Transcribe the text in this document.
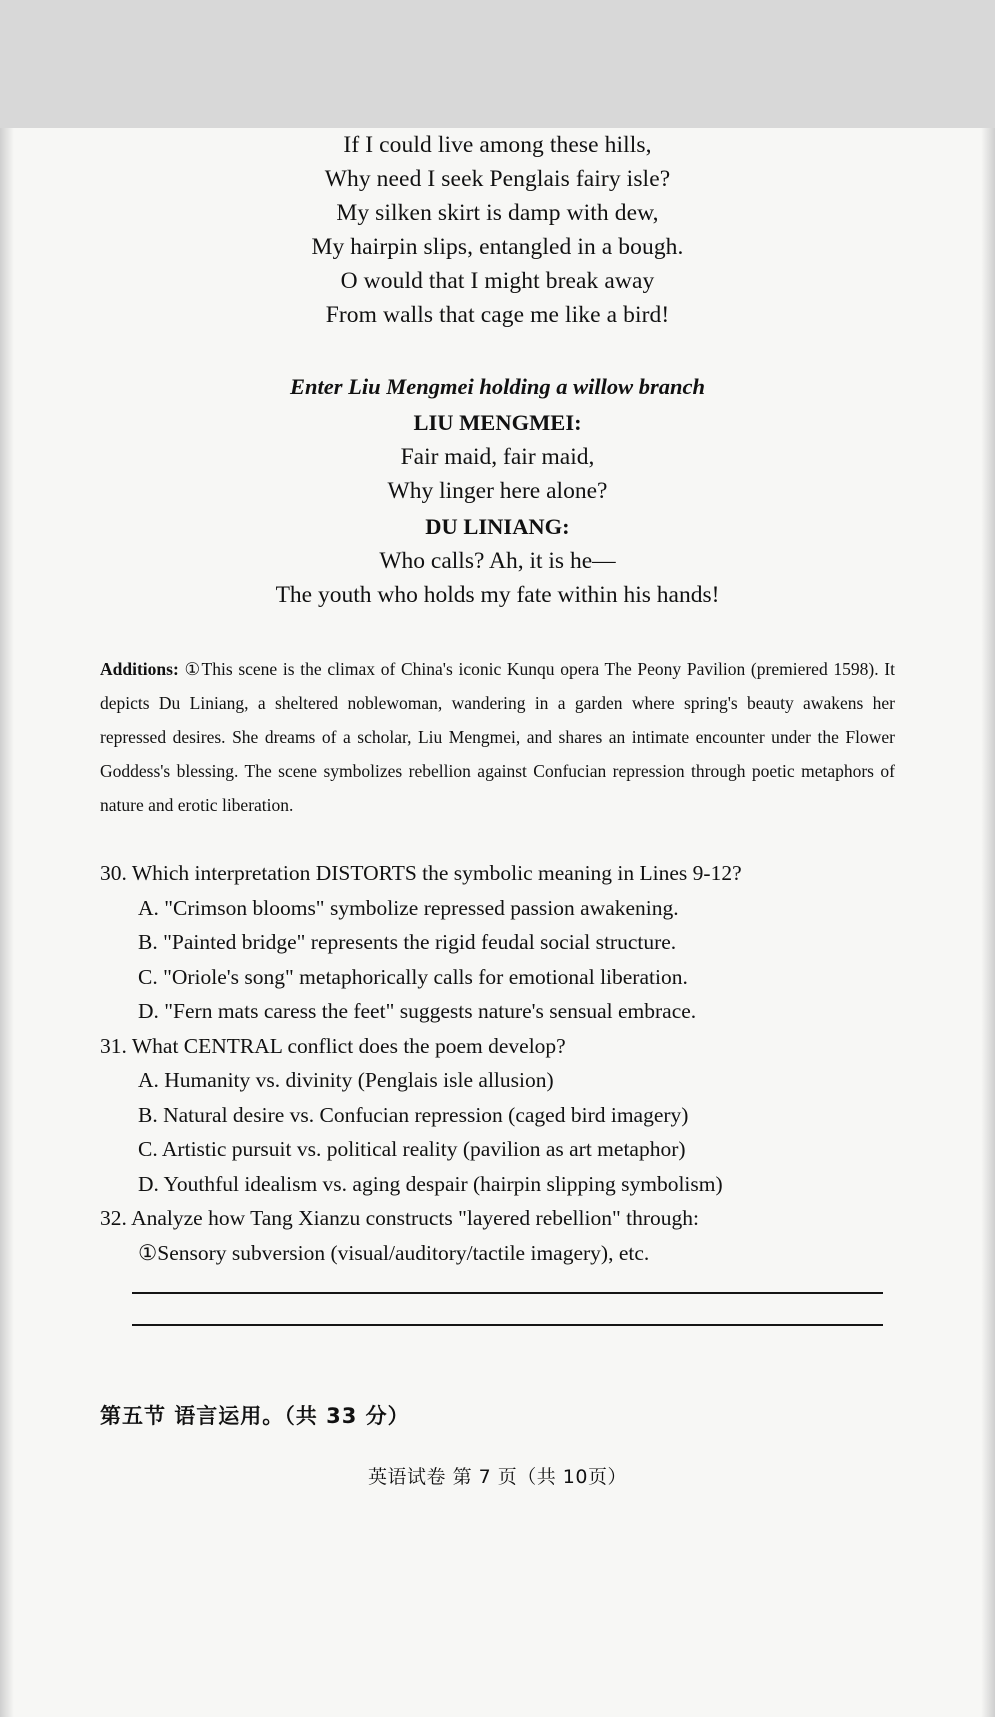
If I could live among these hills,
Why need I seek Penglais fairy isle?
My silken skirt is damp with dew,
My hairpin slips, entangled in a bough.
O would that I might break away
From walls that cage me like a bird!
Enter Liu Mengmei holding a willow branch
LIU MENGMEI:
Fair maid, fair maid,
Why linger here alone?
DU LINIANG:
Who calls? Ah, it is he—
The youth who holds my fate within his hands!

Additions: ①This scene is the climax of China's iconic Kunqu opera The Peony Pavilion (premiered 1598). It depicts Du Liniang, a sheltered noblewoman, wandering in a garden where spring's beauty awakens her repressed desires. She dreams of a scholar, Liu Mengmei, and shares an intimate encounter under the Flower Goddess's blessing. The scene symbolizes rebellion against Confucian repression through poetic metaphors of nature and erotic liberation.

30. Which interpretation DISTORTS the symbolic meaning in Lines 9-12?
A. "Crimson blooms" symbolize repressed passion awakening.
B. "Painted bridge" represents the rigid feudal social structure.
C. "Oriole's song" metaphorically calls for emotional liberation.
D. "Fern mats caress the feet" suggests nature's sensual embrace.
31. What CENTRAL conflict does the poem develop?
A. Humanity vs. divinity (Penglais isle allusion)
B. Natural desire vs. Confucian repression (caged bird imagery)
C. Artistic pursuit vs. political reality (pavilion as art metaphor)
D. Youthful idealism vs. aging despair (hairpin slipping symbolism)
32. Analyze how Tang Xianzu constructs "layered rebellion" through:
①Sensory subversion (visual/auditory/tactile imagery), etc.
第五节 语言运用。（共 33 分）
英语试卷 第 7 页（共 10页）
